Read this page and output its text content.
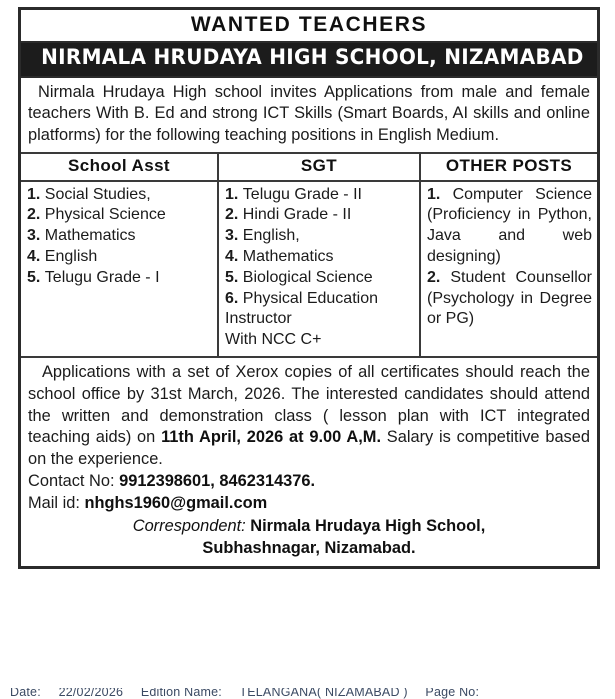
WANTED TEACHERS
NIRMALA HRUDAYA HIGH SCHOOL, NIZAMABAD
Nirmala Hrudaya High school invites Applications from male and female teachers With B. Ed and strong ICT Skills (Smart Boards, AI skills and online platforms) for the following teaching positions in English Medium.
School Asst	SGT	OTHER POSTS

1. Social Studies,
2. Physical Science
3. Mathematics
4. English
5. Telugu Grade - I

1. Telugu Grade - II
2. Hindi Grade - II
3. English,
4. Mathematics
5. Biological Science
6. Physical Education Instructor
With NCC C+

1. Computer Science (Proficiency in Python, Java and web designing)
2. Student Counsellor (Psychology in Degree or PG)

Applications with a set of Xerox copies of all certificates should reach the school office by 31st March, 2026. The interested candidates should attend the written and demonstration class ( lesson plan with ICT integrated teaching aids) on 11th April, 2026 at 9.00 A,M. Salary is competitive based on the experience.

Contact No: 9912398601, 8462314376.

Mail id: nhghs1960@gmail.com

Correspondent: Nirmala Hrudaya High School,
Subhashnagar, Nizamabad.

Date: 22/02/2026 Edition Name: TELANGANA( NIZAMABAD ) Page No:
